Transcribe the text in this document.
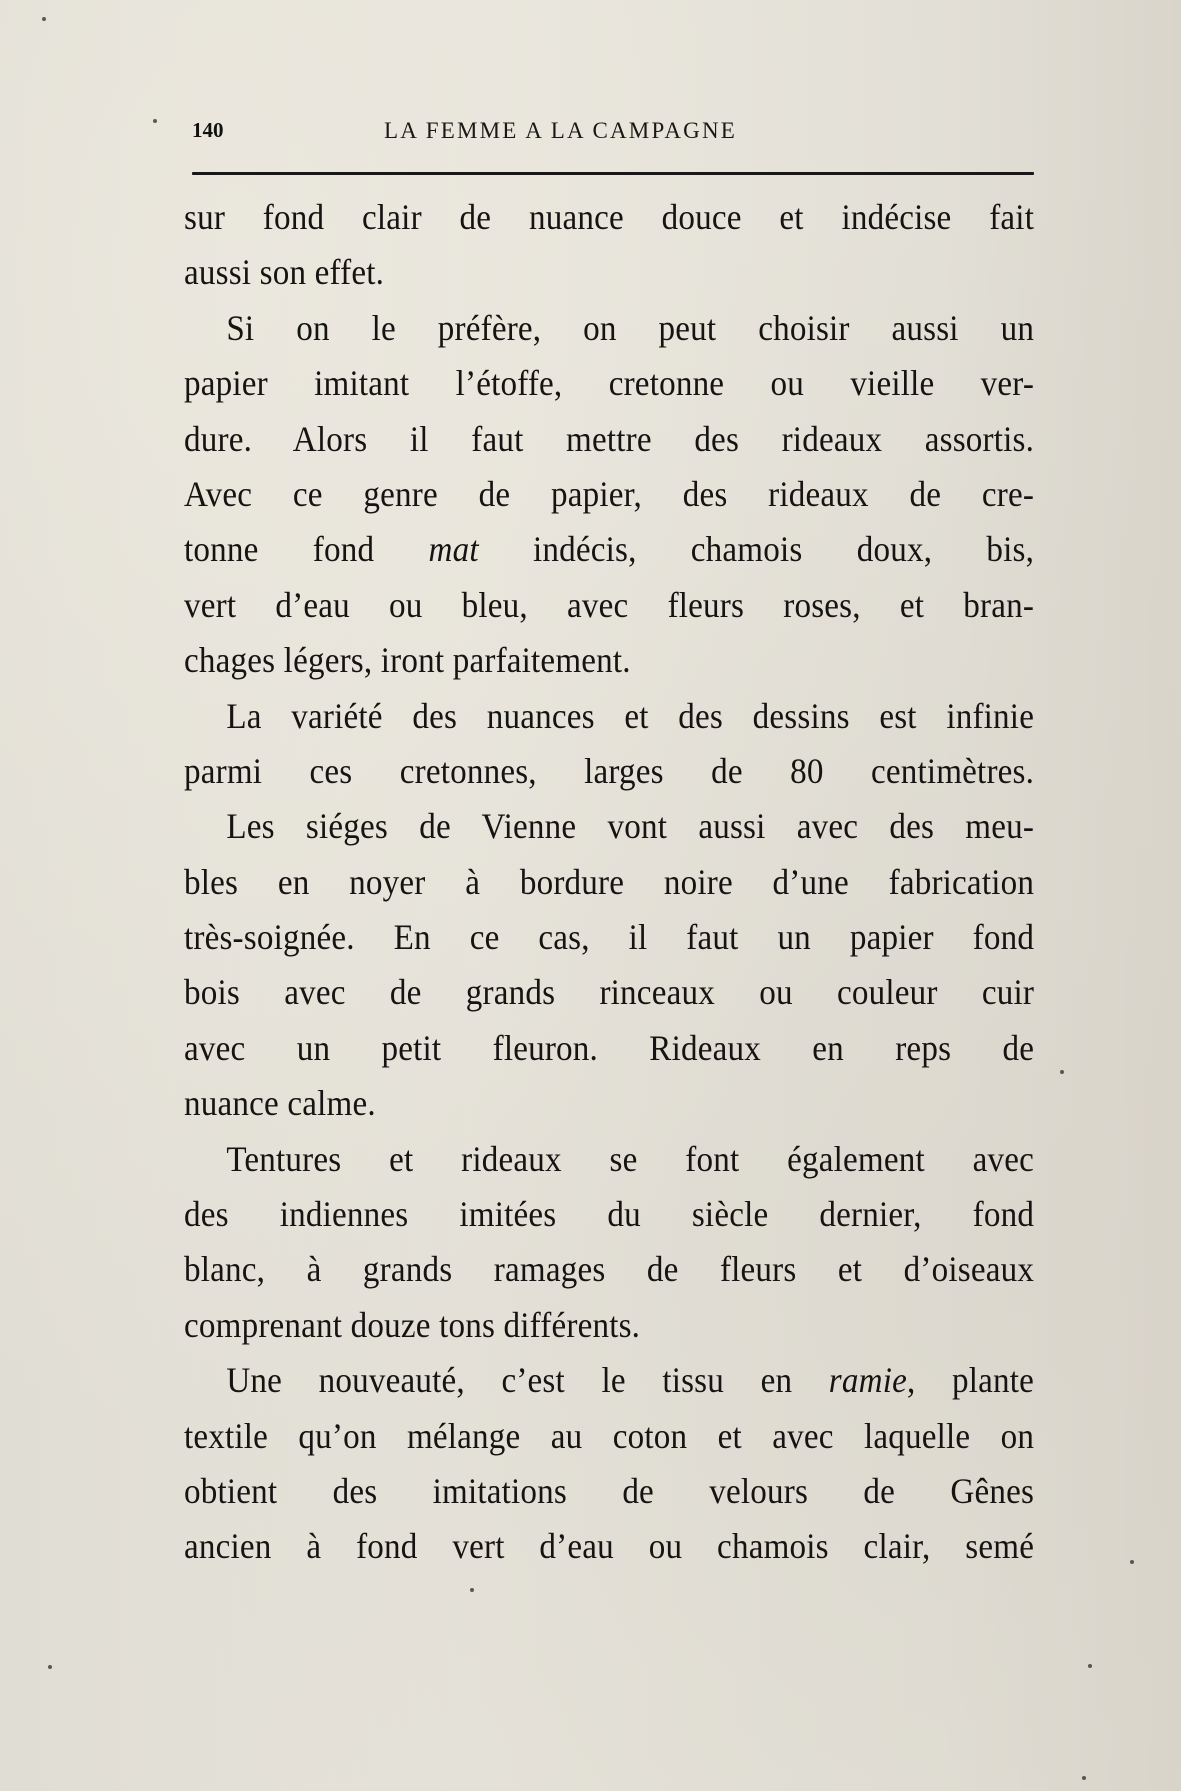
140	LA FEMME A LA CAMPAGNE
sur fond clair de nuance douce et indécise fait
aussi son effet.
Si on le préfère, on peut choisir aussi un
papier imitant l’étoffe, cretonne ou vieille ver-
dure. Alors il faut mettre des rideaux assortis.
Avec ce genre de papier, des rideaux de cre-
tonne fond mat indécis, chamois doux, bis,
vert d’eau ou bleu, avec fleurs roses, et bran-
chages légers, iront parfaitement.
La variété des nuances et des dessins est infinie
parmi ces cretonnes, larges de 80 centimètres.
Les siéges de Vienne vont aussi avec des meu-
bles en noyer à bordure noire d’une fabrication
très-soignée. En ce cas, il faut un papier fond
bois avec de grands rinceaux ou couleur cuir
avec un petit fleuron. Rideaux en reps de
nuance calme.
Tentures et rideaux se font également avec
des indiennes imitées du siècle dernier, fond
blanc, à grands ramages de fleurs et d’oiseaux
comprenant douze tons différents.
Une nouveauté, c’est le tissu en ramie, plante
textile qu’on mélange au coton et avec laquelle on
obtient des imitations de velours de Gênes
ancien à fond vert d’eau ou chamois clair, semé
